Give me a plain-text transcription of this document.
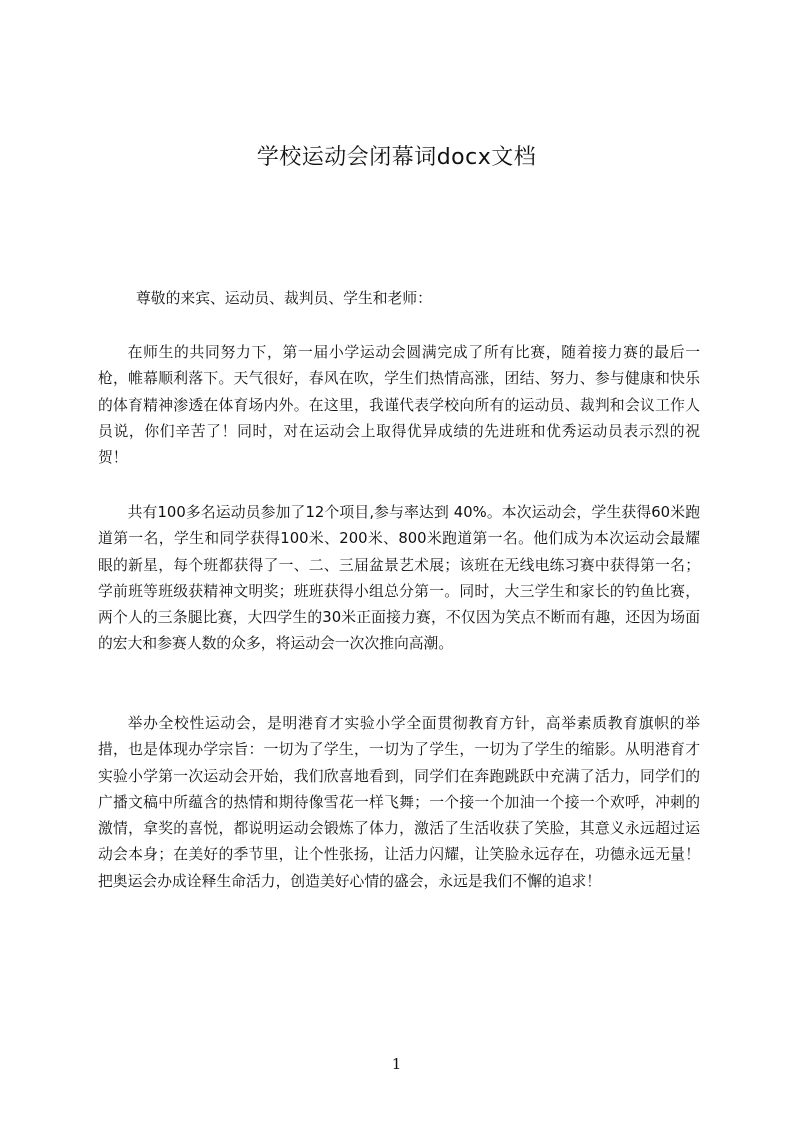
学校运动会闭幕词docx文档
尊敬的来宾、运动员、裁判员、学生和老师：
在师生的共同努力下，第一届小学运动会圆满完成了所有比赛，随着接力赛的最后一枪，帷幕顺利落下。天气很好，春风在吹，学生们热情高涨，团结、努力、参与健康和快乐的体育精神渗透在体育场内外。在这里，我谨代表学校向所有的运动员、裁判和会议工作人员说，你们辛苦了！同时，对在运动会上取得优异成绩的先进班和优秀运动员表示烈的祝贺！
共有100多名运动员参加了12个项目,参与率达到 40%。本次运动会，学生获得60米跑道第一名，学生和同学获得100米、200米、800米跑道第一名。他们成为本次运动会最耀眼的新星，每个班都获得了一、二、三届盆景艺术展；该班在无线电练习赛中获得第一名；学前班等班级获精神文明奖；班班获得小组总分第一。同时，大三学生和家长的钓鱼比赛，两个人的三条腿比赛，大四学生的30米正面接力赛，不仅因为笑点不断而有趣，还因为场面的宏大和参赛人数的众多，将运动会一次次推向高潮。
举办全校性运动会，是明港育才实验小学全面贯彻教育方针，高举素质教育旗帜的举措，也是体现办学宗旨：一切为了学生，一切为了学生，一切为了学生的缩影。从明港育才实验小学第一次运动会开始，我们欣喜地看到，同学们在奔跑跳跃中充满了活力，同学们的广播文稿中所蕴含的热情和期待像雪花一样飞舞；一个接一个加油一个接一个欢呼，冲刺的激情，拿奖的喜悦，都说明运动会锻炼了体力，激活了生活收获了笑脸，其意义永远超过运动会本身；在美好的季节里，让个性张扬，让活力闪耀，让笑脸永远存在，功德永远无量！把奥运会办成诠释生命活力，创造美好心情的盛会，永远是我们不懈的追求！
1
